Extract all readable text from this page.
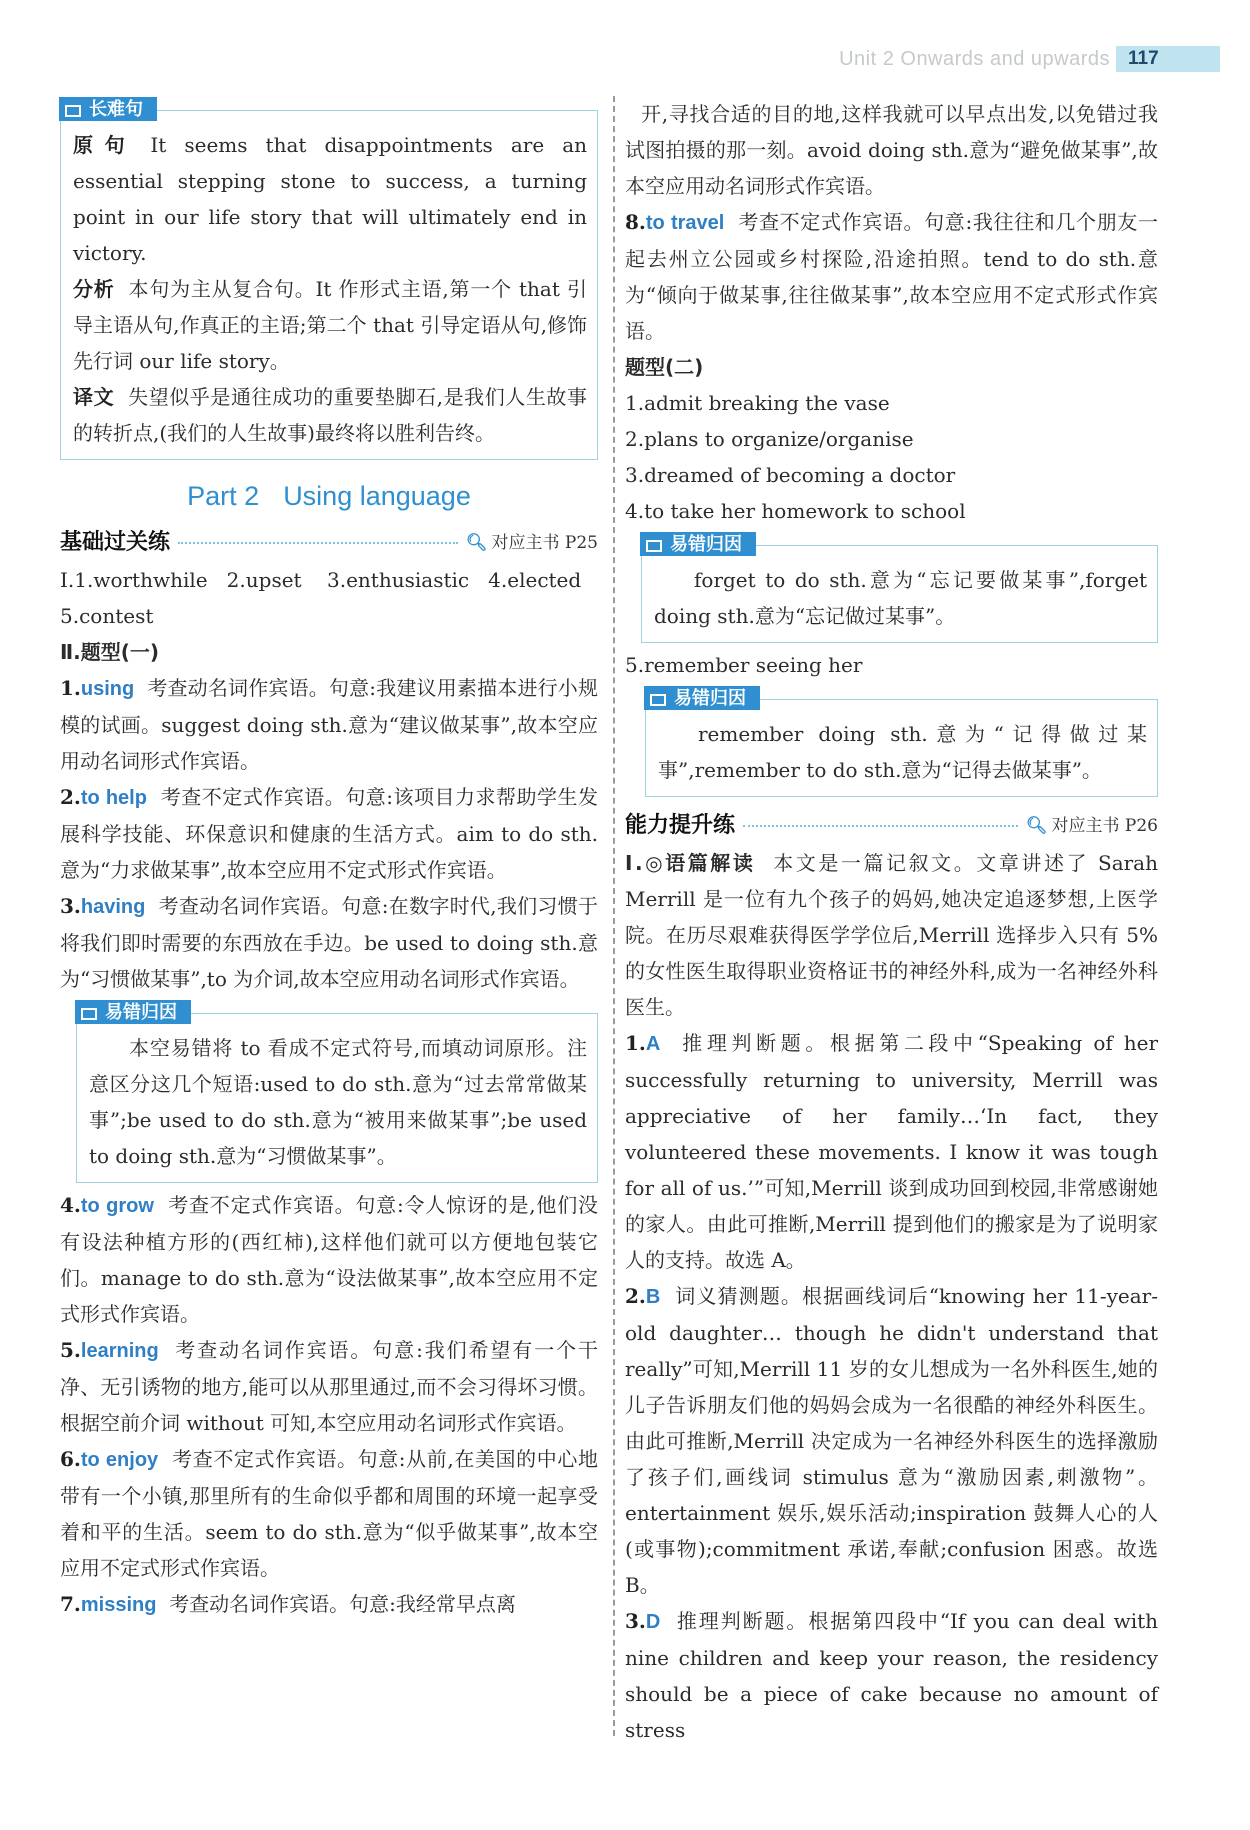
Unit 2 Onwards and upwards 117
长难句

原句 It seems that disappointments are an essential stepping stone to success, a turning point in our life story that will ultimately end in victory.

分析 本句为主从复合句。It 作形式主语,第一个 that 引导主语从句,作真正的主语;第二个 that 引导定语从句,修饰先行词 our life story。

译文 失望似乎是通往成功的重要垫脚石,是我们人生故事的转折点,(我们的人生故事)最终将以胜利告终。

Part 2 Using language
基础过关练	🔍︎ 对应主书 P25

Ⅰ.1.worthwhile   2.upset    3.enthusiastic   4.elected

5.contest

Ⅱ.题型(一)

1.using 考查动名词作宾语。句意:我建议用素描本进行小规模的试画。suggest doing sth.意为“建议做某事”,故本空应用动名词形式作宾语。

2.to help 考查不定式作宾语。句意:该项目力求帮助学生发展科学技能、环保意识和健康的生活方式。aim to do sth.意为“力求做某事”,故本空应用不定式形式作宾语。

3.having 考查动名词作宾语。句意:在数字时代,我们习惯于将我们即时需要的东西放在手边。be used to doing sth.意为“习惯做某事”,to 为介词,故本空应用动名词形式作宾语。

易错归因

本空易错将 to 看成不定式符号,而填动词原形。注意区分这几个短语:used to do sth.意为“过去常常做某事”;be used to do sth.意为“被用来做某事”;be used to doing sth.意为“习惯做某事”。

4.to grow 考查不定式作宾语。句意:令人惊讶的是,他们没有设法种植方形的(西红柿),这样他们就可以方便地包装它们。manage to do sth.意为“设法做某事”,故本空应用不定式形式作宾语。

5.learning 考查动名词作宾语。句意:我们希望有一个干净、无引诱物的地方,能可以从那里通过,而不会习得坏习惯。根据空前介词 without 可知,本空应用动名词形式作宾语。

6.to enjoy 考查不定式作宾语。句意:从前,在美国的中心地带有一个小镇,那里所有的生命似乎都和周围的环境一起享受着和平的生活。seem to do sth.意为“似乎做某事”,故本空应用不定式形式作宾语。

7.missing 考查动名词作宾语。句意:我经常早点离

开,寻找合适的目的地,这样我就可以早点出发,以免错过我试图拍摄的那一刻。avoid doing sth.意为“避免做某事”,故本空应用动名词形式作宾语。

8.to travel 考查不定式作宾语。句意:我往往和几个朋友一起去州立公园或乡村探险,沿途拍照。tend to do sth.意为“倾向于做某事,往往做某事”,故本空应用不定式形式作宾语。

题型(二)

1.admit breaking the vase

2.plans to organize/organise

3.dreamed of becoming a doctor

4.to take her homework to school

易错归因

forget to do sth.意为“忘记要做某事”,forget doing sth.意为“忘记做过某事”。

5.remember seeing her

易错归因

remember doing sth.意为“记得做过某事”,remember to do sth.意为“记得去做某事”。

能力提升练	🔍︎ 对应主书 P26

Ⅰ.◎语篇解读 本文是一篇记叙文。文章讲述了 Sarah Merrill 是一位有九个孩子的妈妈,她决定追逐梦想,上医学院。在历尽艰难获得医学学位后,Merrill 选择步入只有 5% 的女性医生取得职业资格证书的神经外科,成为一名神经外科医生。

1.A 推理判断题。根据第二段中“Speaking of her successfully returning to university, Merrill was appreciative of her family…‘In fact, they volunteered these movements. I know it was tough for all of us.’”可知,Merrill 谈到成功回到校园,非常感谢她的家人。由此可推断,Merrill 提到他们的搬家是为了说明家人的支持。故选 A。

2.B 词义猜测题。根据画线词后“knowing her 11-year-old daughter… though he didn't understand that really”可知,Merrill 11 岁的女儿想成为一名外科医生,她的儿子告诉朋友们他的妈妈会成为一名很酷的神经外科医生。由此可推断,Merrill 决定成为一名神经外科医生的选择激励了孩子们,画线词 stimulus 意为“激励因素,刺激物”。entertainment 娱乐,娱乐活动;inspiration 鼓舞人心的人(或事物);commitment 承诺,奉献;confusion 困惑。故选 B。

3.D 推理判断题。根据第四段中“If you can deal with nine children and keep your reason, the residency should be a piece of cake because no amount of stress
